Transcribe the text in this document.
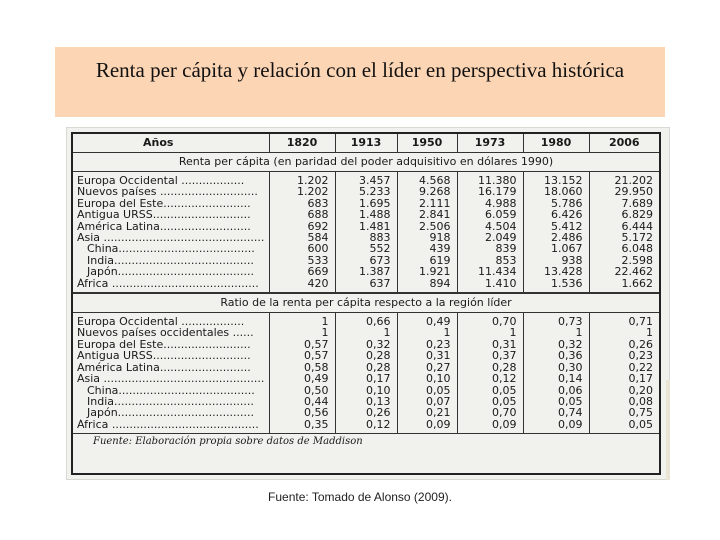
Renta per cápita y relación con el líder en perspectiva histórica
Años	1820	1913	1950	1973	1980	2006
Renta per cápita (en paridad del poder adquisitivo en dólares 1990)						
Europa Occidental ..................	1.202	3.457	4.568	11.380	13.152	21.202
Nuevos países ............................	1.202	5.233	9.268	16.179	18.060	29.950
Europa del Este.........................	683	1.695	2.111	4.988	5.786	7.689
Antigua URSS............................	688	1.488	2.841	6.059	6.426	6.829
América Latina..........................	692	1.481	2.506	4.504	5.412	6.444
Asia ..............................................	584	883	918	2.049	2.486	5.172
China.......................................	600	552	439	839	1.067	6.048
India........................................	533	673	619	853	938	2.598
Japón.......................................	669	1.387	1.921	11.434	13.428	22.462
África ..........................................	420	637	894	1.410	1.536	1.662
Ratio de la renta per cápita respecto a la región líder						
Europa Occidental ..................	1	0,66	0,49	0,70	0,73	0,71
Nuevos países occidentales ......	1	1	1	1	1	1
Europa del Este.........................	0,57	0,32	0,23	0,31	0,32	0,26
Antigua URSS............................	0,57	0,28	0,31	0,37	0,36	0,23
América Latina..........................	0,58	0,28	0,27	0,28	0,30	0,22
Asia ..............................................	0,49	0,17	0,10	0,12	0,14	0,17
China.......................................	0,50	0,10	0,05	0,05	0,06	0,20
India........................................	0,44	0,13	0,07	0,05	0,05	0,08
Japón.......................................	0,56	0,26	0,21	0,70	0,74	0,75
África ..........................................	0,35	0,12	0,09	0,09	0,09	0,05
Fuente: Elaboración propia sobre datos de Maddison						
Fuente: Tomado de Alonso (2009).
